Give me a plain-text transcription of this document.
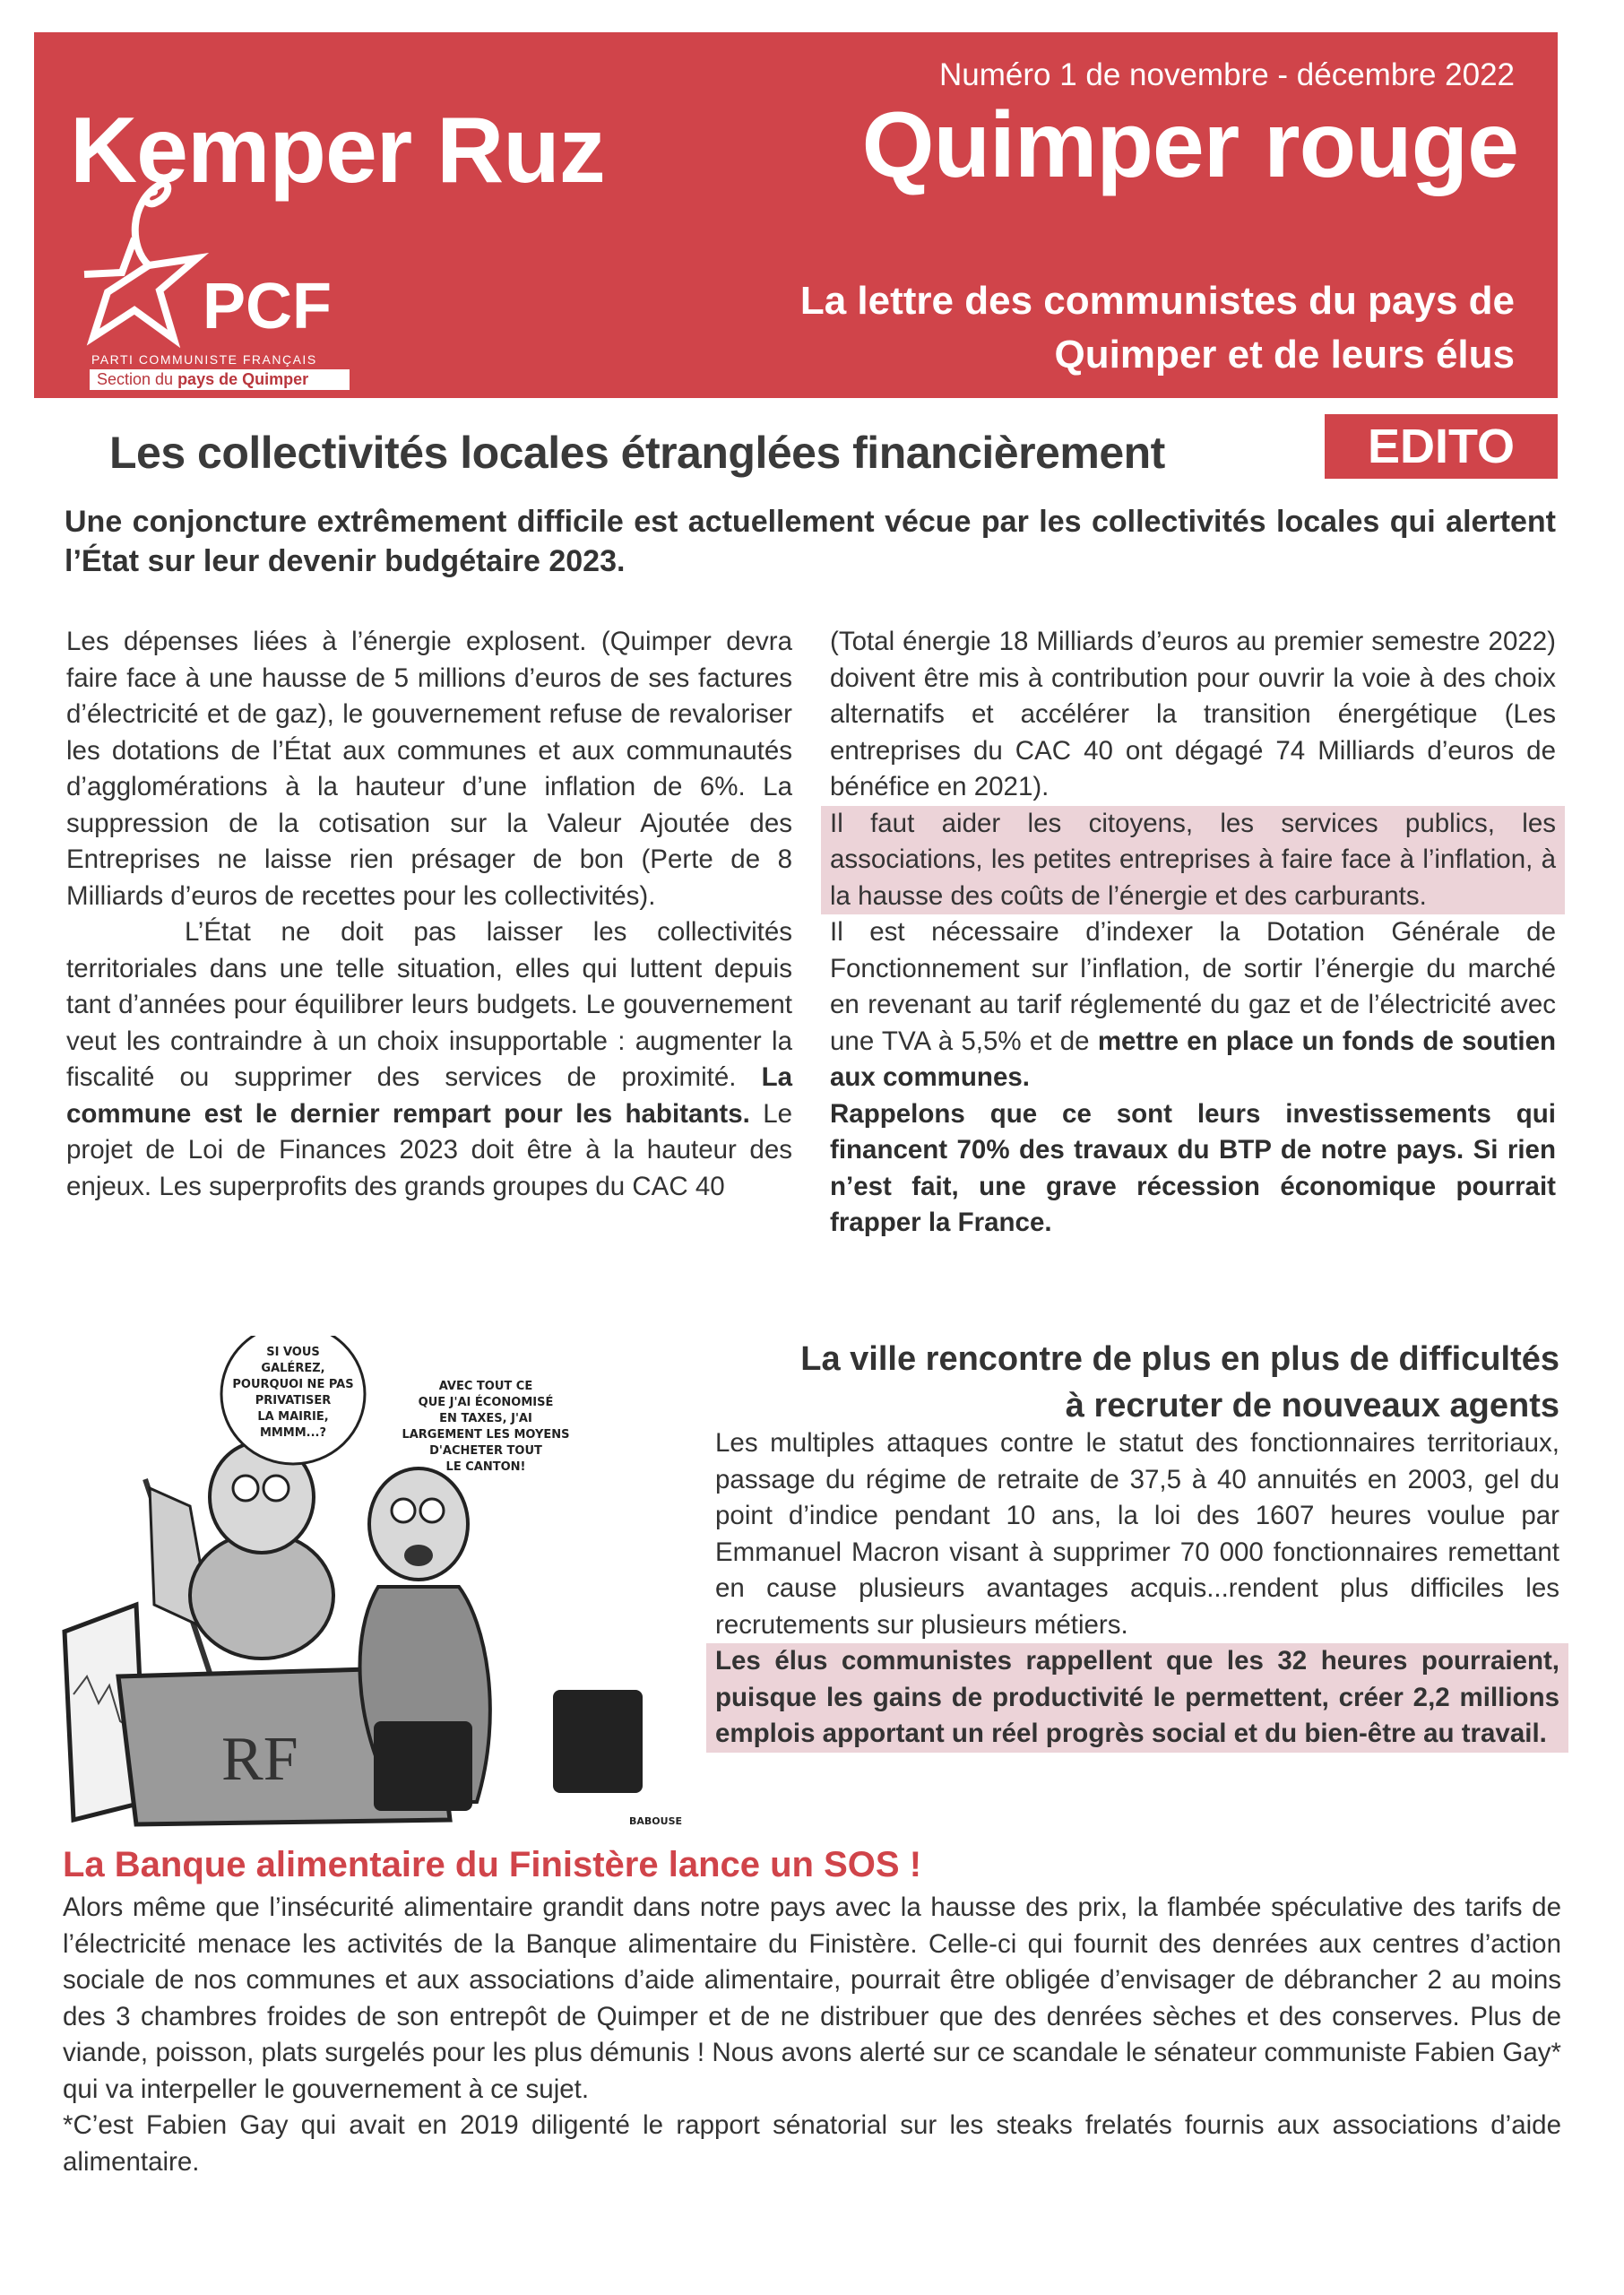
Kemper Ruz
PCF
PARTI COMMUNISTE FRANÇAIS
Section du pays de Quimper
Numéro 1 de novembre - décembre 2022
Quimper rouge
La lettre des communistes du pays de
Quimper et de leurs élus
Les collectivités locales étranglées financièrement	EDITO
Une conjoncture extrêmement difficile est actuellement vécue par les collectivités locales qui alertent l’État sur leur devenir budgétaire 2023.

Les dépenses liées à l’énergie explosent. (Quimper devra faire face à une hausse de 5 millions d’euros de ses factures d’électricité et de gaz), le gouvernement refuse de revaloriser les dotations de l’État aux communes et aux communautés d’agglomérations à la hauteur d’une inflation de 6%. La suppression de la cotisation sur la Valeur Ajoutée des Entreprises ne laisse rien présager de bon (Perte de 8 Milliards d’euros de recettes pour les collectivités).

L’État ne doit pas laisser les collectivités territoriales dans une telle situation, elles qui luttent depuis tant d’années pour équilibrer leurs budgets. Le gouvernement veut les contraindre à un choix insupportable : augmenter la fiscalité ou supprimer des services de proximité. La commune est le dernier rempart pour les habitants. Le projet de Loi de Finances 2023 doit être à la hauteur des enjeux. Les superprofits des grands groupes du CAC 40

(Total énergie 18 Milliards d’euros au premier semestre 2022) doivent être mis à contribution pour ouvrir la voie à des choix alternatifs et accélérer la transition énergétique (Les entreprises du CAC 40 ont dégagé 74 Milliards d’euros de bénéfice en 2021).

Il faut aider les citoyens, les services publics, les associations, les petites entreprises à faire face à l’inflation, à la hausse des coûts de l’énergie et des carburants.

Il est nécessaire d’indexer la Dotation Générale de Fonctionnement sur l’inflation, de sortir l’énergie du marché en revenant au tarif réglementé du gaz et de l’électricité avec une TVA à 5,5% et de mettre en place un fonds de soutien aux communes.

Rappelons que ce sont leurs investissements qui financent 70% des travaux du BTP de notre pays. Si rien n’est fait, une grave récession économique pourrait frapper la France.

RF
SI VOUS
GALÉREZ,
POURQUOI NE PAS
PRIVATISER
LA MAIRIE,
MMMM...?
AVEC TOUT CE
QUE J'AI ÉCONOMISÉ
EN TAXES, J'AI
LARGEMENT LES MOYENS
D'ACHETER TOUT
LE CANTON!
BABOUSE
La ville rencontre de plus en plus de difficultés
à recruter de nouveaux agents

Les multiples attaques contre le statut des fonctionnaires territoriaux, passage du régime de retraite de 37,5 à 40 annuités en 2003, gel du point d’indice pendant 10 ans, la loi des 1607 heures voulue par Emmanuel Macron visant à supprimer 70 000 fonctionnaires remettant en cause plusieurs avantages acquis...rendent plus difficiles les recrutements sur plusieurs métiers.

Les élus communistes rappellent que les 32 heures pourraient, puisque les gains de productivité le permettent, créer 2,2 millions emplois apportant un réel progrès social et du bien-être au travail.

La Banque alimentaire du Finistère lance un SOS !

Alors même que l’insécurité alimentaire grandit dans notre pays avec la hausse des prix, la flambée spéculative des tarifs de l’électricité menace les activités de la Banque alimentaire du Finistère. Celle-ci qui fournit des denrées aux centres d’action sociale de nos communes et aux associations d’aide alimentaire, pourrait être obligée d’envisager de débrancher 2 au moins des 3 chambres froides de son entrepôt de Quimper et de ne distribuer que des denrées sèches et des conserves. Plus de viande, poisson, plats surgelés pour les plus démunis ! Nous avons alerté sur ce scandale le sénateur communiste Fabien Gay* qui va interpeller le gouvernement à ce sujet.

*C’est Fabien Gay qui avait en 2019 diligenté le rapport sénatorial sur les steaks frelatés fournis aux associations d’aide alimentaire.
